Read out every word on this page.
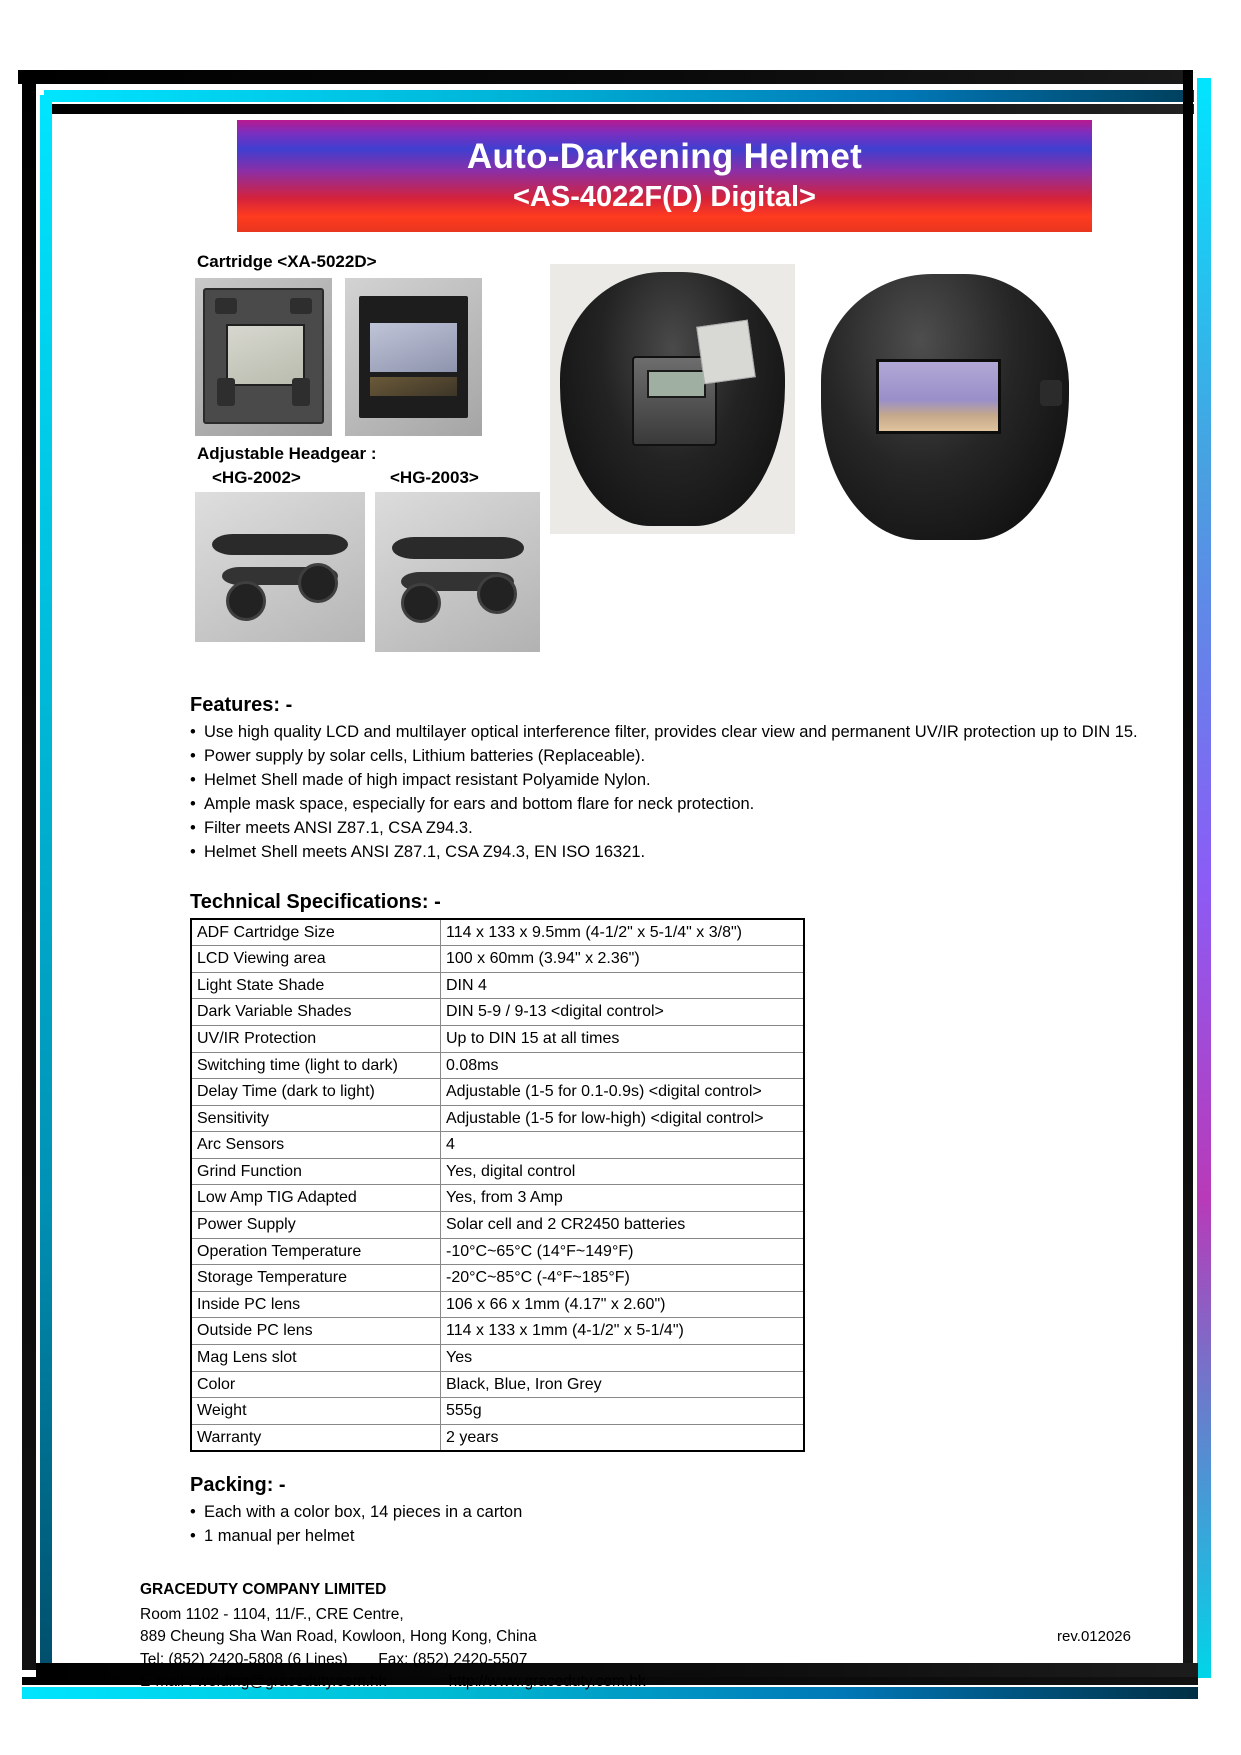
Auto-Darkening Helmet
<AS-4022F(D) Digital>
Cartridge <XA-5022D>
Adjustable Headgear :
<HG-2002>	<HG-2003>
Features: -
• Use high quality LCD and multilayer optical interference filter, provides clear view and permanent UV/IR protection up to DIN 15.
• Power supply by solar cells, Lithium batteries (Replaceable).
• Helmet Shell made of high impact resistant Polyamide Nylon.
• Ample mask space, especially for ears and bottom flare for neck protection.
• Filter meets ANSI Z87.1, CSA Z94.3.
• Helmet Shell meets ANSI Z87.1, CSA Z94.3, EN ISO 16321.
Technical Specifications: -
ADF Cartridge Size	114 x 133 x 9.5mm (4-1/2" x 5-1/4" x 3/8")
LCD Viewing area	100 x 60mm (3.94" x 2.36")
Light State Shade	DIN 4
Dark Variable Shades	DIN 5-9 / 9-13 <digital control>
UV/IR Protection	Up to DIN 15 at all times
Switching time (light to dark)	0.08ms
Delay Time (dark to light)	Adjustable (1-5 for 0.1-0.9s) <digital control>
Sensitivity	Adjustable (1-5 for low-high) <digital control>
Arc Sensors	4
Grind Function	Yes, digital control
Low Amp TIG Adapted	Yes, from 3 Amp
Power Supply	Solar cell and 2 CR2450 batteries
Operation Temperature	-10°C~65°C (14°F~149°F)
Storage Temperature	-20°C~85°C (-4°F~185°F)
Inside PC lens	106 x 66 x 1mm (4.17" x 2.60")
Outside PC lens	114 x 133 x 1mm (4-1/2" x 5-1/4")
Mag Lens slot	Yes
Color	Black, Blue, Iron Grey
Weight	555g
Warranty	2 years
Packing: -
• Each with a color box, 14 pieces in a carton
• 1 manual per helmet
GRACEDUTY COMPANY LIMITED
Room 1102 - 1104, 11/F., CRE Centre,
889 Cheung Sha Wan Road, Kowloon, Hong Kong, China
Tel: (852) 2420-5808 (6 Lines) Fax: (852) 2420-5507
E-mail : welding@graceduty.com.hk	http://www.graceduty.com.hk
rev.012026
